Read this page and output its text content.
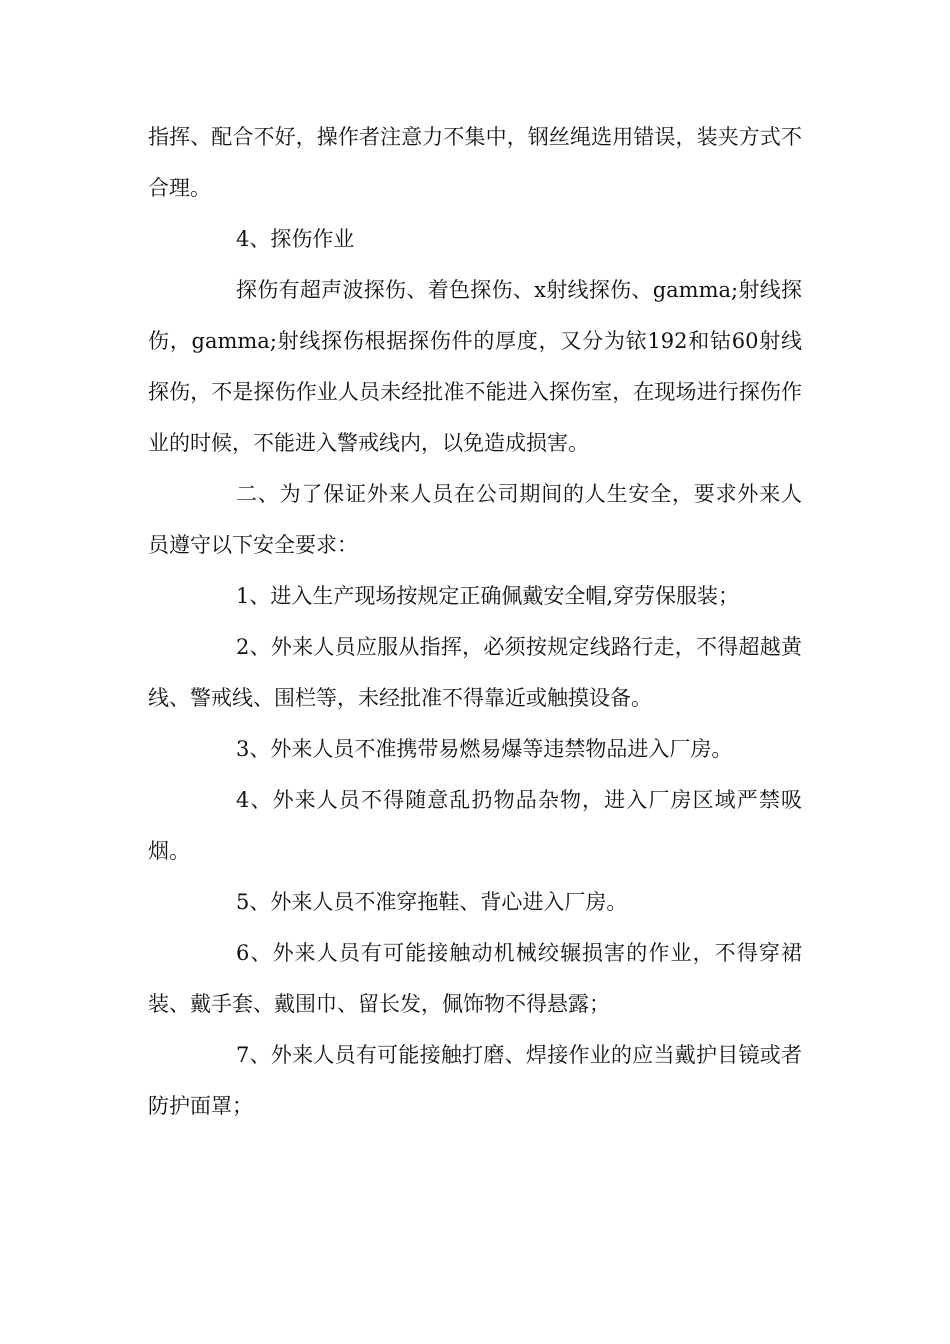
指挥、配合不好，操作者注意力不集中，钢丝绳选用错误，装夹方式不合理。

4、探伤作业

探伤有超声波探伤、着色探伤、x射线探伤、gamma;射线探伤，gamma;射线探伤根据探伤件的厚度，又分为铱192和钴60射线探伤，不是探伤作业人员未经批准不能进入探伤室，在现场进行探伤作业的时候，不能进入警戒线内，以免造成损害。

二、为了保证外来人员在公司期间的人生安全，要求外来人员遵守以下安全要求：

1、进入生产现场按规定正确佩戴安全帽,穿劳保服装；

2、外来人员应服从指挥，必须按规定线路行走，不得超越黄线、警戒线、围栏等，未经批准不得靠近或触摸设备。

3、外来人员不准携带易燃易爆等违禁物品进入厂房。

4、外来人员不得随意乱扔物品杂物，进入厂房区域严禁吸烟。

5、外来人员不准穿拖鞋、背心进入厂房。

6、外来人员有可能接触动机械绞辗损害的作业，不得穿裙装、戴手套、戴围巾、留长发，佩饰物不得悬露；

7、外来人员有可能接触打磨、焊接作业的应当戴护目镜或者防护面罩；
